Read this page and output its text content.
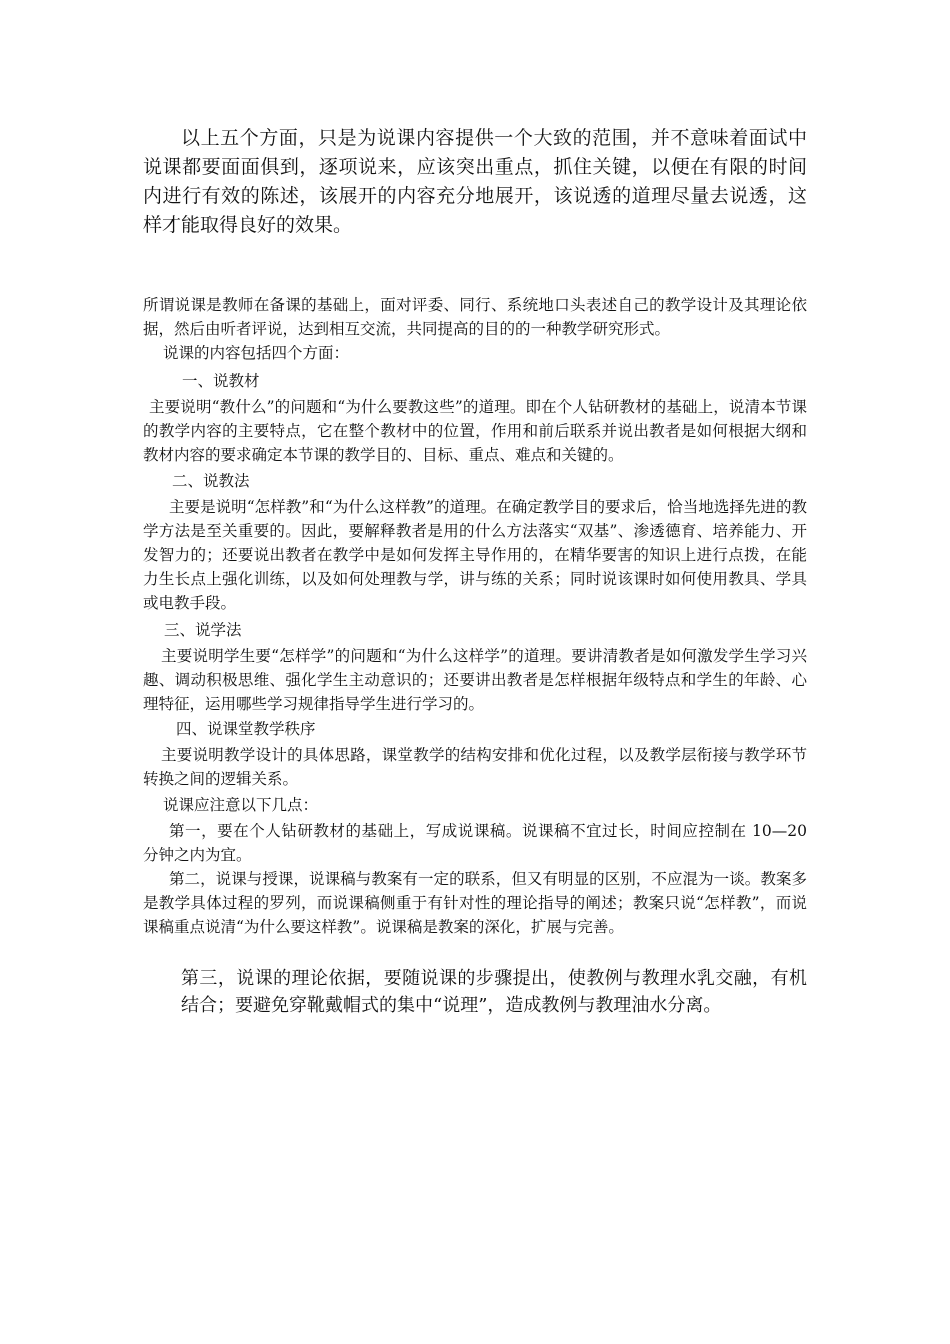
以上五个方面，只是为说课内容提供一个大致的范围，并不意味着面试中说课都要面面俱到，逐项说来，应该突出重点，抓住关键，以便在有限的时间内进行有效的陈述，该展开的内容充分地展开，该说透的道理尽量去说透，这样才能取得良好的效果。

所谓说课是教师在备课的基础上，面对评委、同行、系统地口头表述自己的教学设计及其理论依据，然后由听者评说，达到相互交流，共同提高的目的的一种教学研究形式。

说课的内容包括四个方面：

一、说教材

主要说明“教什么”的问题和“为什么要教这些”的道理。即在个人钻研教材的基础上，说清本节课的教学内容的主要特点，它在整个教材中的位置，作用和前后联系并说出教者是如何根据大纲和教材内容的要求确定本节课的教学目的、目标、重点、难点和关键的。

二、说教法

主要是说明“怎样教”和“为什么这样教”的道理。在确定教学目的要求后，恰当地选择先进的教学方法是至关重要的。因此，要解释教者是用的什么方法落实“双基”、渗透德育、培养能力、开发智力的；还要说出教者在教学中是如何发挥主导作用的，在精华要害的知识上进行点拨，在能力生长点上强化训练，以及如何处理教与学，讲与练的关系；同时说该课时如何使用教具、学具或电教手段。

三、说学法

主要说明学生要“怎样学”的问题和“为什么这样学”的道理。要讲清教者是如何激发学生学习兴趣、调动积极思维、强化学生主动意识的；还要讲出教者是怎样根据年级特点和学生的年龄、心理特征，运用哪些学习规律指导学生进行学习的。

四、说课堂教学秩序

主要说明教学设计的具体思路，课堂教学的结构安排和优化过程，以及教学层衔接与教学环节转换之间的逻辑关系。

说课应注意以下几点：

第一，要在个人钻研教材的基础上，写成说课稿。说课稿不宜过长，时间应控制在 10—20 分钟之内为宜。

第二，说课与授课，说课稿与教案有一定的联系，但又有明显的区别，不应混为一谈。教案多是教学具体过程的罗列，而说课稿侧重于有针对性的理论指导的阐述；教案只说“怎样教”，而说课稿重点说清“为什么要这样教”。说课稿是教案的深化，扩展与完善。

第三，说课的理论依据，要随说课的步骤提出，使教例与教理水乳交融，有机结合；要避免穿靴戴帽式的集中“说理”，造成教例与教理油水分离。
